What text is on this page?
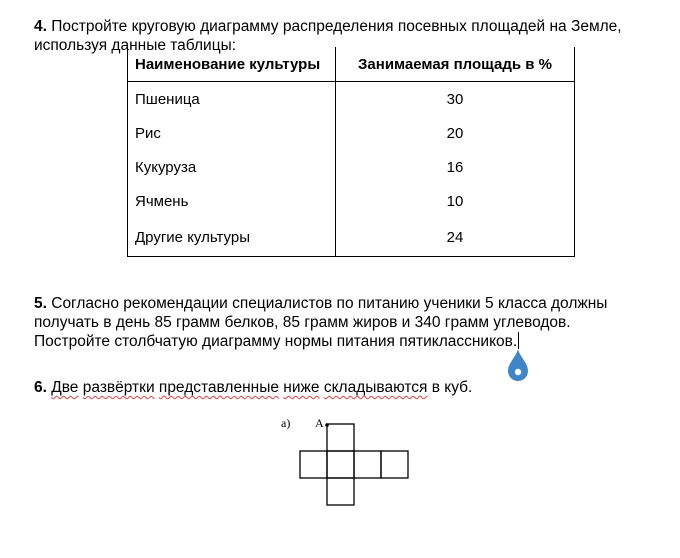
4. Постройте круговую диаграмму распределения посевных площадей на Земле,
используя данные таблицы:
Наименование культуры	Занимаемая площадь в %
Пшеница	30
Рис	20
Кукуруза	16
Ячмень	10
Другие культуры	24
5. Согласно рекомендации специалистов по питанию ученики 5 класса должны
получать в день 85 грамм белков, 85 грамм жиров и 340 грамм углеводов.
Постройте столбчатую диаграмму нормы питания пятиклассников.
6. Две развёртки представленные ниже складываются в куб.
а) A
